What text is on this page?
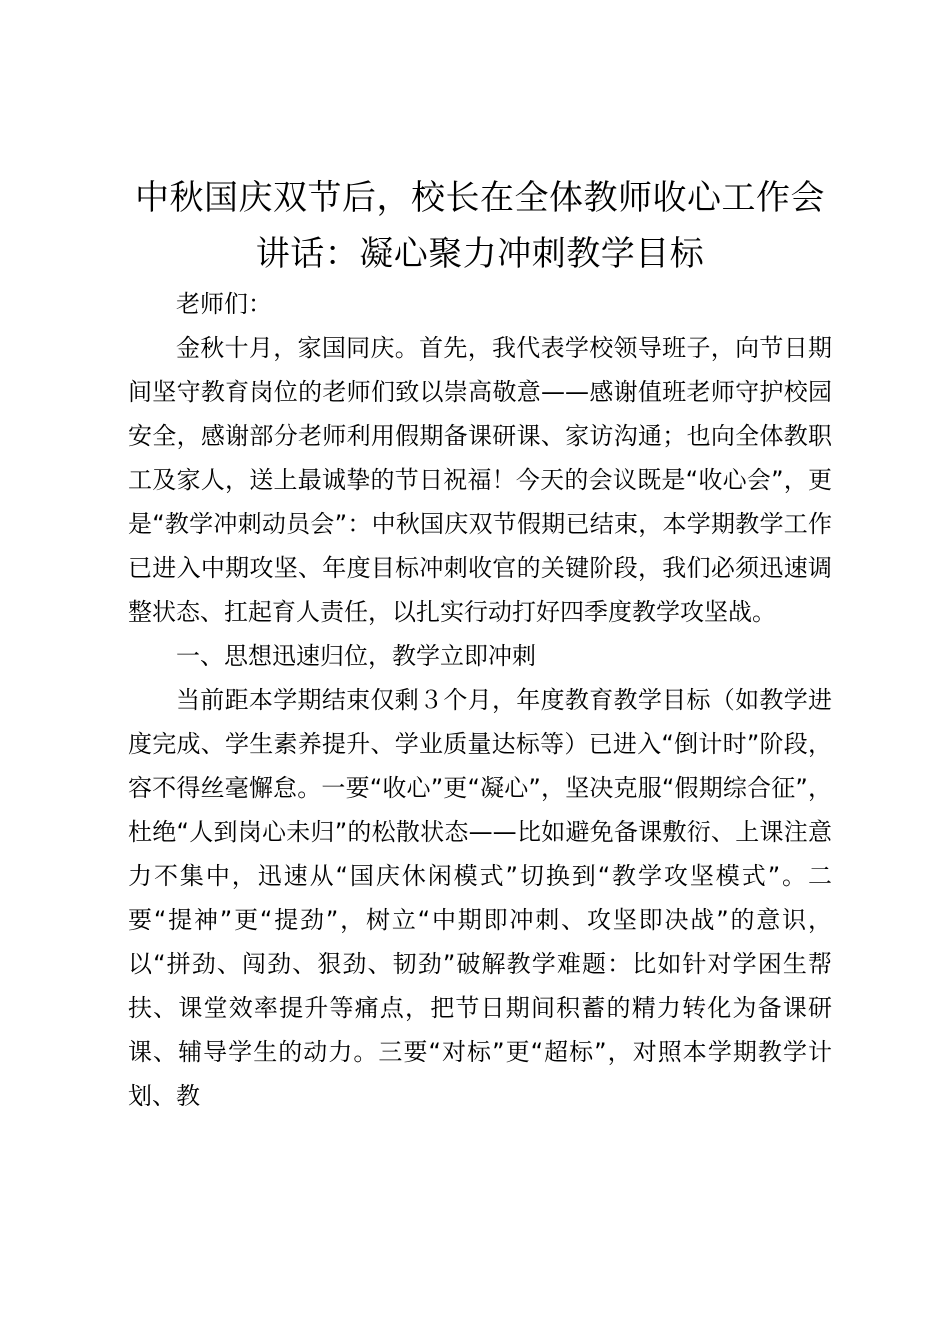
中秋国庆双节后，校长在全体教师收心工作会讲话：凝心聚力冲刺教学目标

老师们：

金秋十月，家国同庆。首先，我代表学校领导班子，向节日期间坚守教育岗位的老师们致以崇高敬意——感谢值班老师守护校园安全，感谢部分老师利用假期备课研课、家访沟通；也向全体教职工及家人，送上最诚挚的节日祝福！今天的会议既是“收心会”，更是“教学冲刺动员会”：中秋国庆双节假期已结束，本学期教学工作已进入中期攻坚、年度目标冲刺收官的关键阶段，我们必须迅速调整状态、扛起育人责任，以扎实行动打好四季度教学攻坚战。

一、思想迅速归位，教学立即冲刺

当前距本学期结束仅剩３个月，年度教育教学目标（如教学进度完成、学生素养提升、学业质量达标等）已进入“倒计时”阶段，容不得丝毫懈怠。一要“收心”更“凝心”，坚决克服“假期综合征”，杜绝“人到岗心未归”的松散状态——比如避免备课敷衍、上课注意力不集中，迅速从“国庆休闲模式”切换到“教学攻坚模式”。二要“提神”更“提劲”，树立“中期即冲刺、攻坚即决战”的意识，以“拼劲、闯劲、狠劲、韧劲”破解教学难题：比如针对学困生帮扶、课堂效率提升等痛点，把节日期间积蓄的精力转化为备课研课、辅导学生的动力。三要“对标”更“超标”，对照本学期教学计划、教
